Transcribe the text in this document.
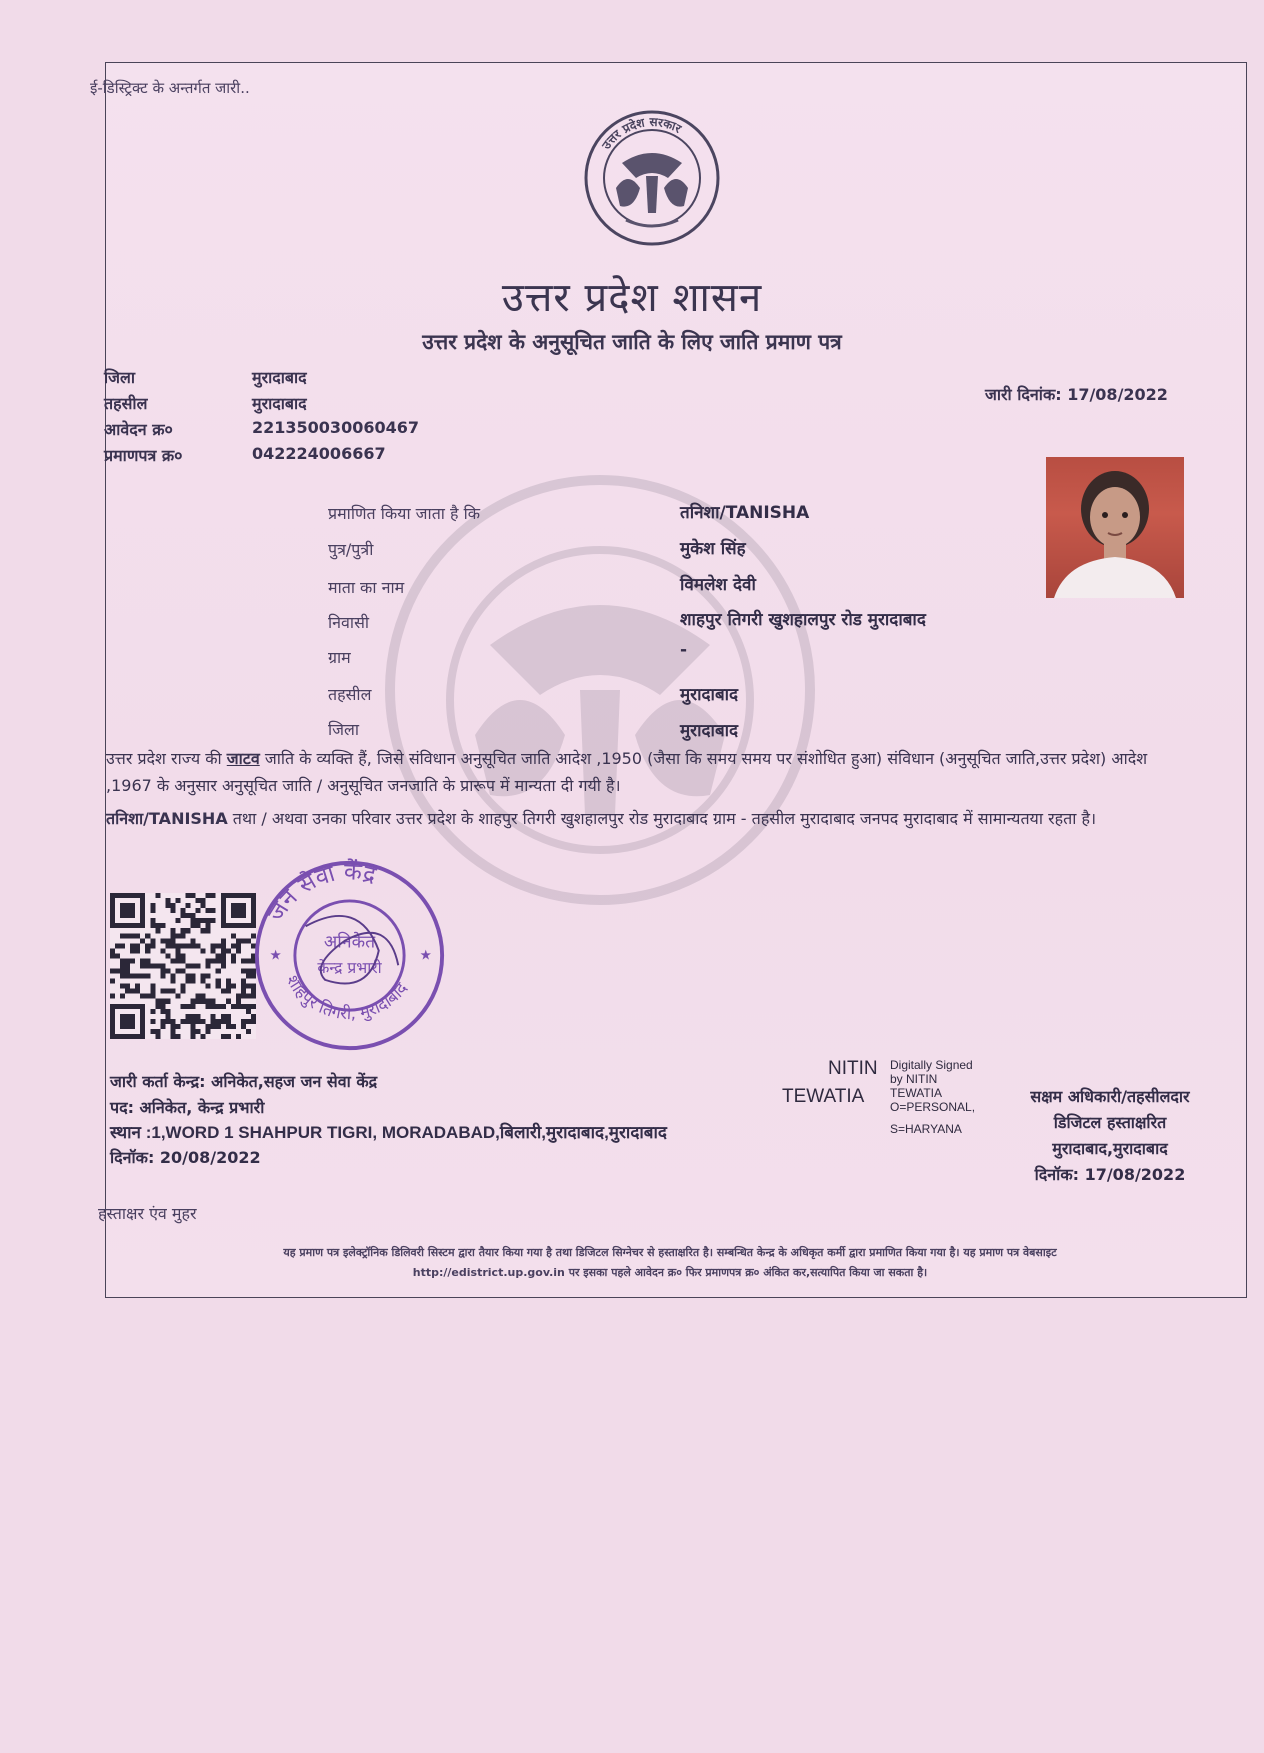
ई-डिस्ट्रिक्ट के अन्तर्गत जारी..
उत्तर प्रदेश सरकार
उत्तर प्रदेश शासन
उत्तर प्रदेश के अनुसूचित जाति के लिए जाति प्रमाण पत्र
जिला	मुरादाबाद
तहसील	मुरादाबाद
आवेदन क्र०	221350030060467
प्रमाणपत्र क्र०	042224006667
जारी दिनांक: 17/08/2022
प्रमाणित किया जाता है कि	तनिशा/TANISHA
पुत्र/पुत्री	मुकेश सिंह
माता का नाम	विमलेश देवी
निवासी	शाहपुर तिगरी खुशहालपुर रोड मुरादाबाद
ग्राम	-
तहसील	मुरादाबाद
जिला	मुरादाबाद
उत्तर प्रदेश राज्य की जाटव जाति के व्यक्ति हैं, जिसे संविधान अनुसूचित जाति आदेश ,1950 (जैसा कि समय समय पर संशोधित हुआ) संविधान (अनुसूचित जाति,उत्तर प्रदेश) आदेश ,1967 के अनुसार अनुसूचित जाति / अनुसूचित जनजाति के प्रारूप में मान्यता दी गयी है।
तनिशा/TANISHA तथा / अथवा उनका परिवार उत्तर प्रदेश के शाहपुर तिगरी खुशहालपुर रोड मुरादाबाद ग्राम - तहसील मुरादाबाद जनपद मुरादाबाद में सामान्यतया रहता है।
जन सेवा केंद्र
शाहपुर तिगरी, मुरादाबाद
★	★
अनिकेत
केन्द्र प्रभारी
जारी कर्ता केन्द्र: अनिकेत,सहज जन सेवा केंद्र
पद: अनिकेत, केन्द्र प्रभारी
स्थान :1,WORD 1 SHAHPUR TIGRI, MORADABAD,बिलारी,मुरादाबाद,मुरादाबाद
दिनॉक: 20/08/2022
NITIN
TEWATIA
Digitally Signed
by NITIN
TEWATIA
O=PERSONAL,
S=HARYANA
सक्षम अधिकारी/तहसीलदार
डिजिटल हस्ताक्षरित
मुरादाबाद,मुरादाबाद
दिनॉक: 17/08/2022
हस्ताक्षर एंव मुहर
यह प्रमाण पत्र इलेक्ट्रॉनिक डिलिवरी सिस्टम द्वारा तैयार किया गया है तथा डिजिटल सिग्नेचर से हस्ताक्षरित है। सम्बन्धित केन्द्र के अधिकृत कर्मी द्वारा प्रमाणित किया गया है। यह प्रमाण पत्र वेबसाइट
http://edistrict.up.gov.in पर इसका पहले आवेदन क्र० फिर प्रमाणपत्र क्र० अंकित कर,सत्यापित किया जा सकता है।
